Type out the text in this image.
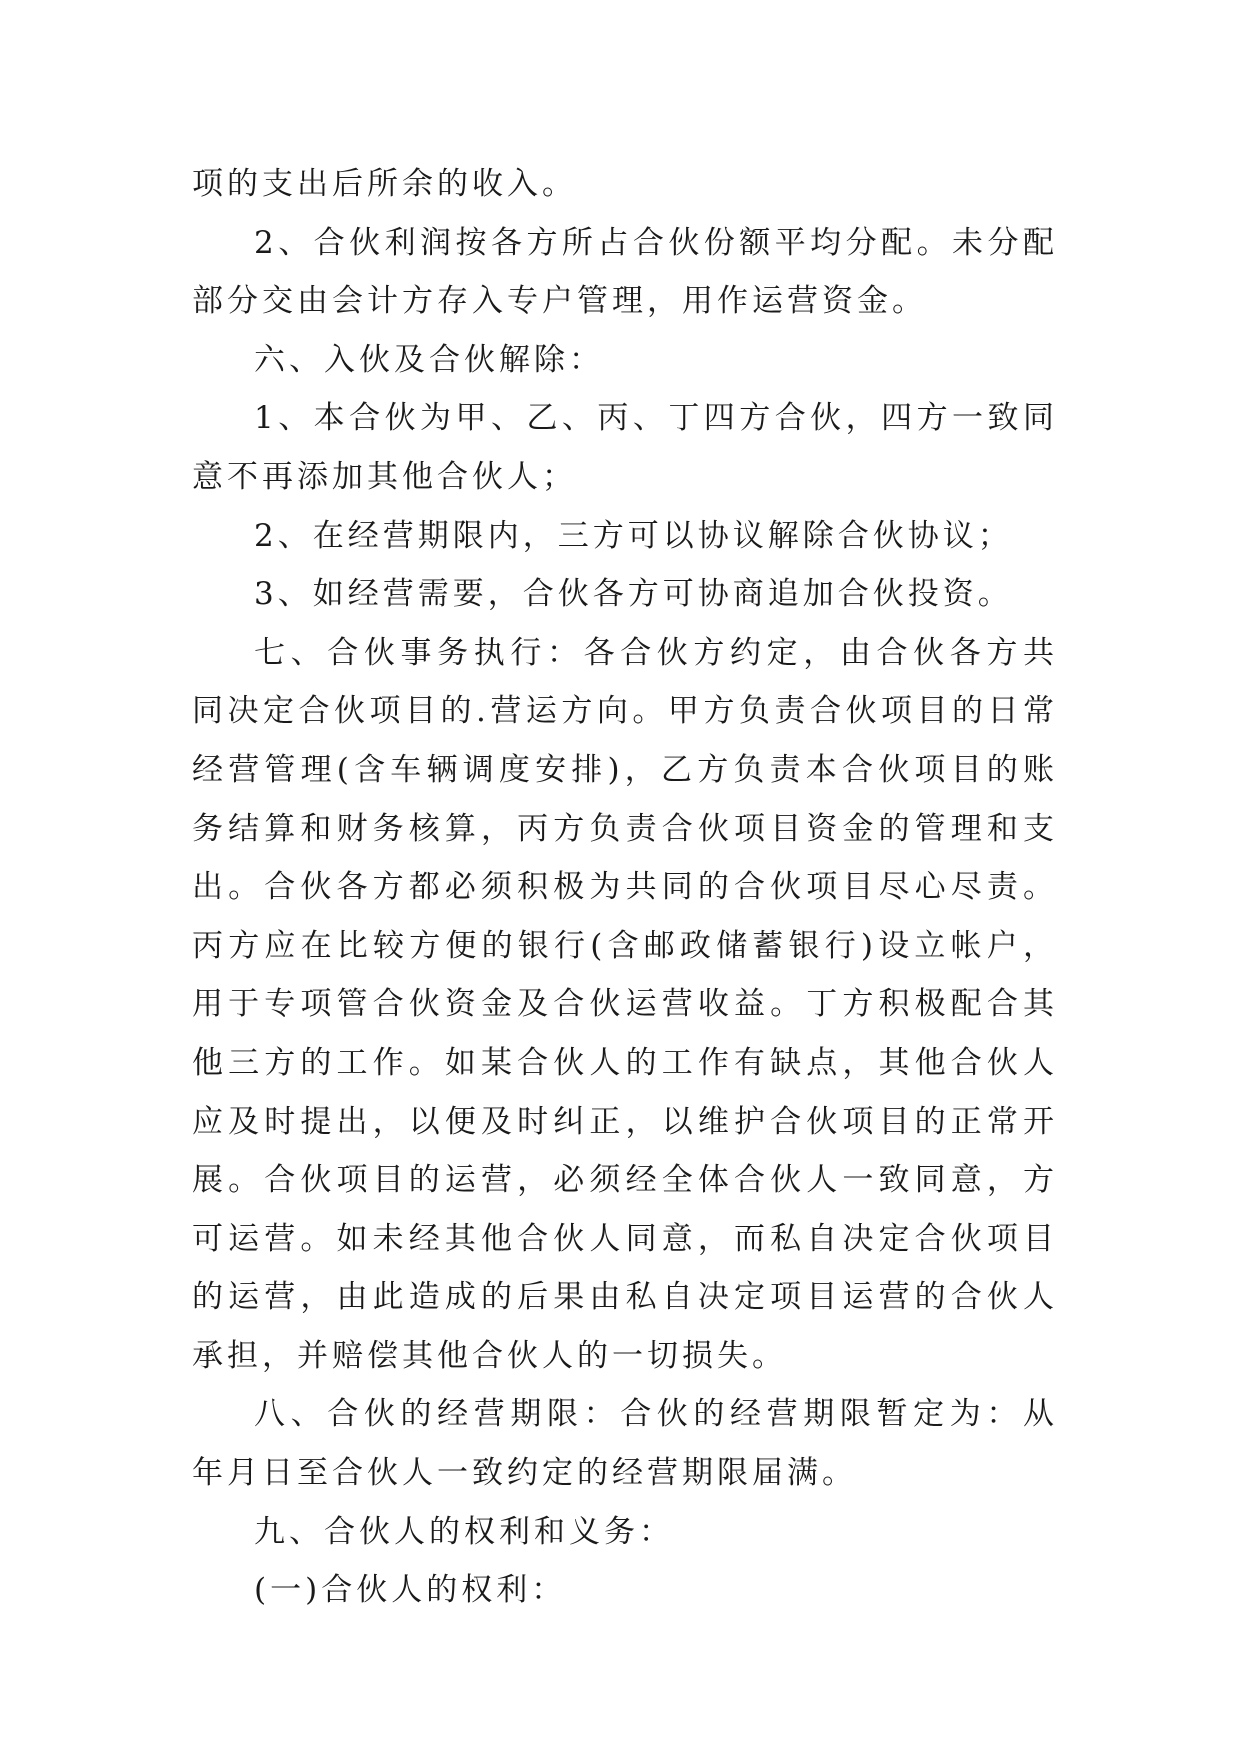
项的支出后所余的收入。

2、合伙利润按各方所占合伙份额平均分配。未分配部分交由会计方存入专户管理，用作运营资金。

六、入伙及合伙解除：

1、本合伙为甲、乙、丙、丁四方合伙，四方一致同意不再添加其他合伙人；

2、在经营期限内，三方可以协议解除合伙协议；

3、如经营需要，合伙各方可协商追加合伙投资。

七、合伙事务执行：各合伙方约定，由合伙各方共同决定合伙项目的.营运方向。甲方负责合伙项目的日常经营管理(含车辆调度安排)，乙方负责本合伙项目的账务结算和财务核算，丙方负责合伙项目资金的管理和支出。合伙各方都必须积极为共同的合伙项目尽心尽责。丙方应在比较方便的银行(含邮政储蓄银行)设立帐户，用于专项管合伙资金及合伙运营收益。丁方积极配合其他三方的工作。如某合伙人的工作有缺点，其他合伙人应及时提出，以便及时纠正，以维护合伙项目的正常开展。合伙项目的运营，必须经全体合伙人一致同意，方可运营。如未经其他合伙人同意，而私自决定合伙项目的运营，由此造成的后果由私自决定项目运营的合伙人承担，并赔偿其他合伙人的一切损失。

八、合伙的经营期限：合伙的经营期限暂定为：从年月日至合伙人一致约定的经营期限届满。

九、合伙人的权利和义务：

(一)合伙人的权利：
